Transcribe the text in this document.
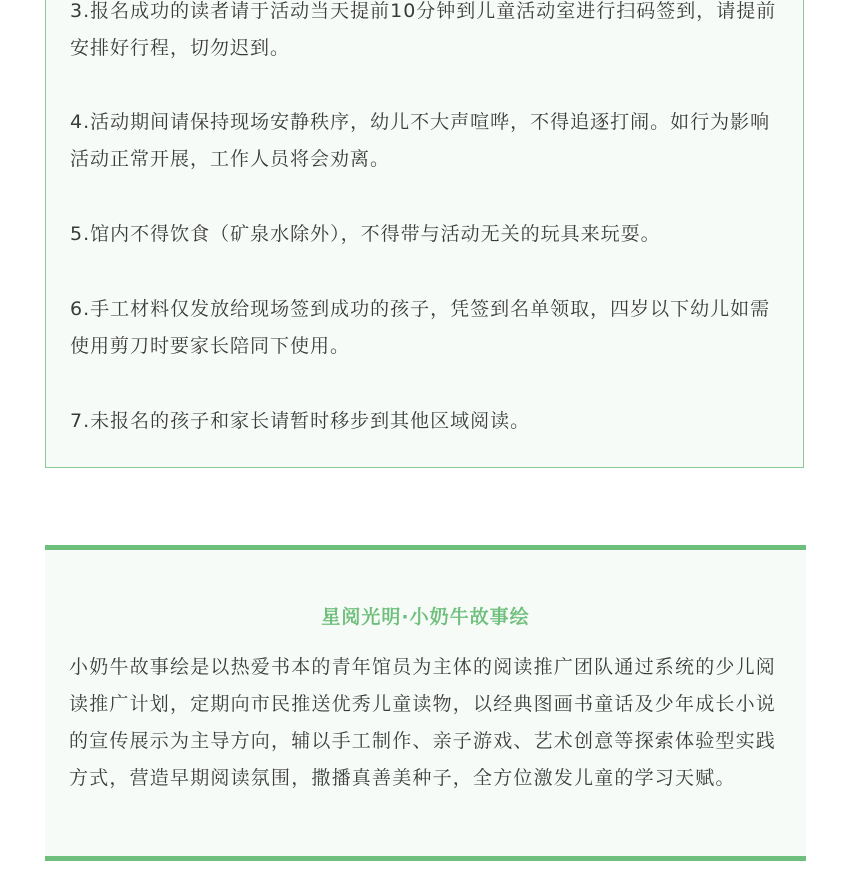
3.报名成功的读者请于活动当天提前10分钟到儿童活动室进行扫码签到，请提前安排好行程，切勿迟到。

4.活动期间请保持现场安静秩序，幼儿不大声喧哗，不得追逐打闹。如行为影响活动正常开展，工作人员将会劝离。

5.馆内不得饮食（矿泉水除外），不得带与活动无关的玩具来玩耍。

6.手工材料仅发放给现场签到成功的孩子，凭签到名单领取，四岁以下幼儿如需使用剪刀时要家长陪同下使用。

7.未报名的孩子和家长请暂时移步到其他区域阅读。

星阅光明·小奶牛故事绘

小奶牛故事绘是以热爱书本的青年馆员为主体的阅读推广团队通过系统的少儿阅读推广计划，定期向市民推送优秀儿童读物，以经典图画书童话及少年成长小说的宣传展示为主导方向，辅以手工制作、亲子游戏、艺术创意等探索体验型实践方式，营造早期阅读氛围，撒播真善美种子，全方位激发儿童的学习天赋。
